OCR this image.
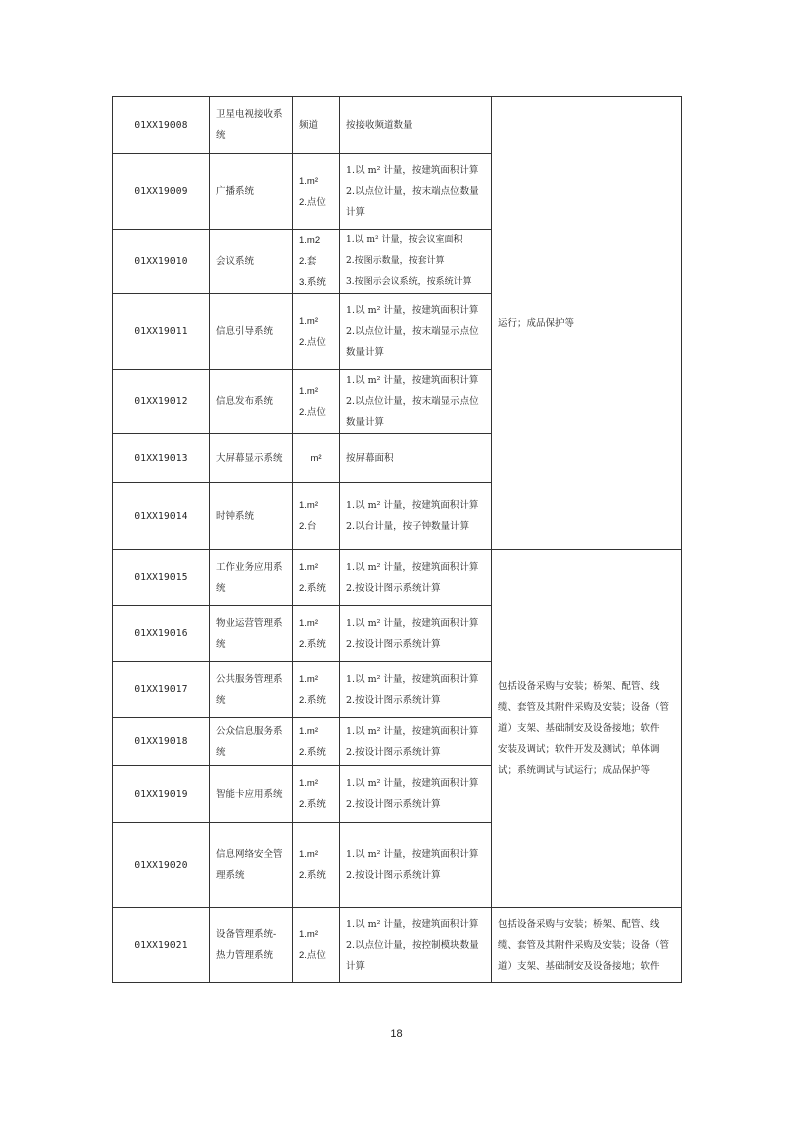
01XX19008	卫星电视接收系
统	频道	按接收频道数量	运行；成品保护等

01XX19009	广播系统	1.m²
2.点位	1.以 m² 计量，按建筑面积计算
2.以点位计量，按末端点位数量
计算	

01XX19010	会议系统	1.m2
2.套
3.系统	1.以 m² 计量，按会议室面积
2.按图示数量，按套计算
3.按图示会议系统，按系统计算	

01XX19011	信息引导系统	1.m²
2.点位	1.以 m² 计量，按建筑面积计算
2.以点位计量，按末端显示点位
数量计算	

01XX19012	信息发布系统	1.m²
2.点位	1.以 m² 计量，按建筑面积计算
2.以点位计量，按末端显示点位
数量计算	

01XX19013	大屏幕显示系统	m²	按屏幕面积	

01XX19014	时钟系统	1.m²
2.台	1.以 m² 计量，按建筑面积计算
2.以台计量，按子钟数量计算	

01XX19015	工作业务应用系
统	1.m²
2.系统	1.以 m² 计量，按建筑面积计算
2.按设计图示系统计算	包括设备采购与安装；桥架、配管、线
缆、套管及其附件采购及安装；设备（管
道）支架、基础制安及设备接地；软件
安装及调试；软件开发及测试；单体调
试；系统调试与试运行；成品保护等

01XX19016	物业运营管理系
统	1.m²
2.系统	1.以 m² 计量，按建筑面积计算
2.按设计图示系统计算	

01XX19017	公共服务管理系
统	1.m²
2.系统	1.以 m² 计量，按建筑面积计算
2.按设计图示系统计算	

01XX19018	公众信息服务系
统	1.m²
2.系统	1.以 m² 计量，按建筑面积计算
2.按设计图示系统计算	

01XX19019	智能卡应用系统	1.m²
2.系统	1.以 m² 计量，按建筑面积计算
2.按设计图示系统计算	

01XX19020	信息网络安全管
理系统	1.m²
2.系统	1.以 m² 计量，按建筑面积计算
2.按设计图示系统计算	

01XX19021	设备管理系统-
热力管理系统	1.m²
2.点位	1.以 m² 计量，按建筑面积计算
2.以点位计量，按控制模块数量
计算	包括设备采购与安装；桥架、配管、线
缆、套管及其附件采购及安装；设备（管
道）支架、基础制安及设备接地；软件
18
